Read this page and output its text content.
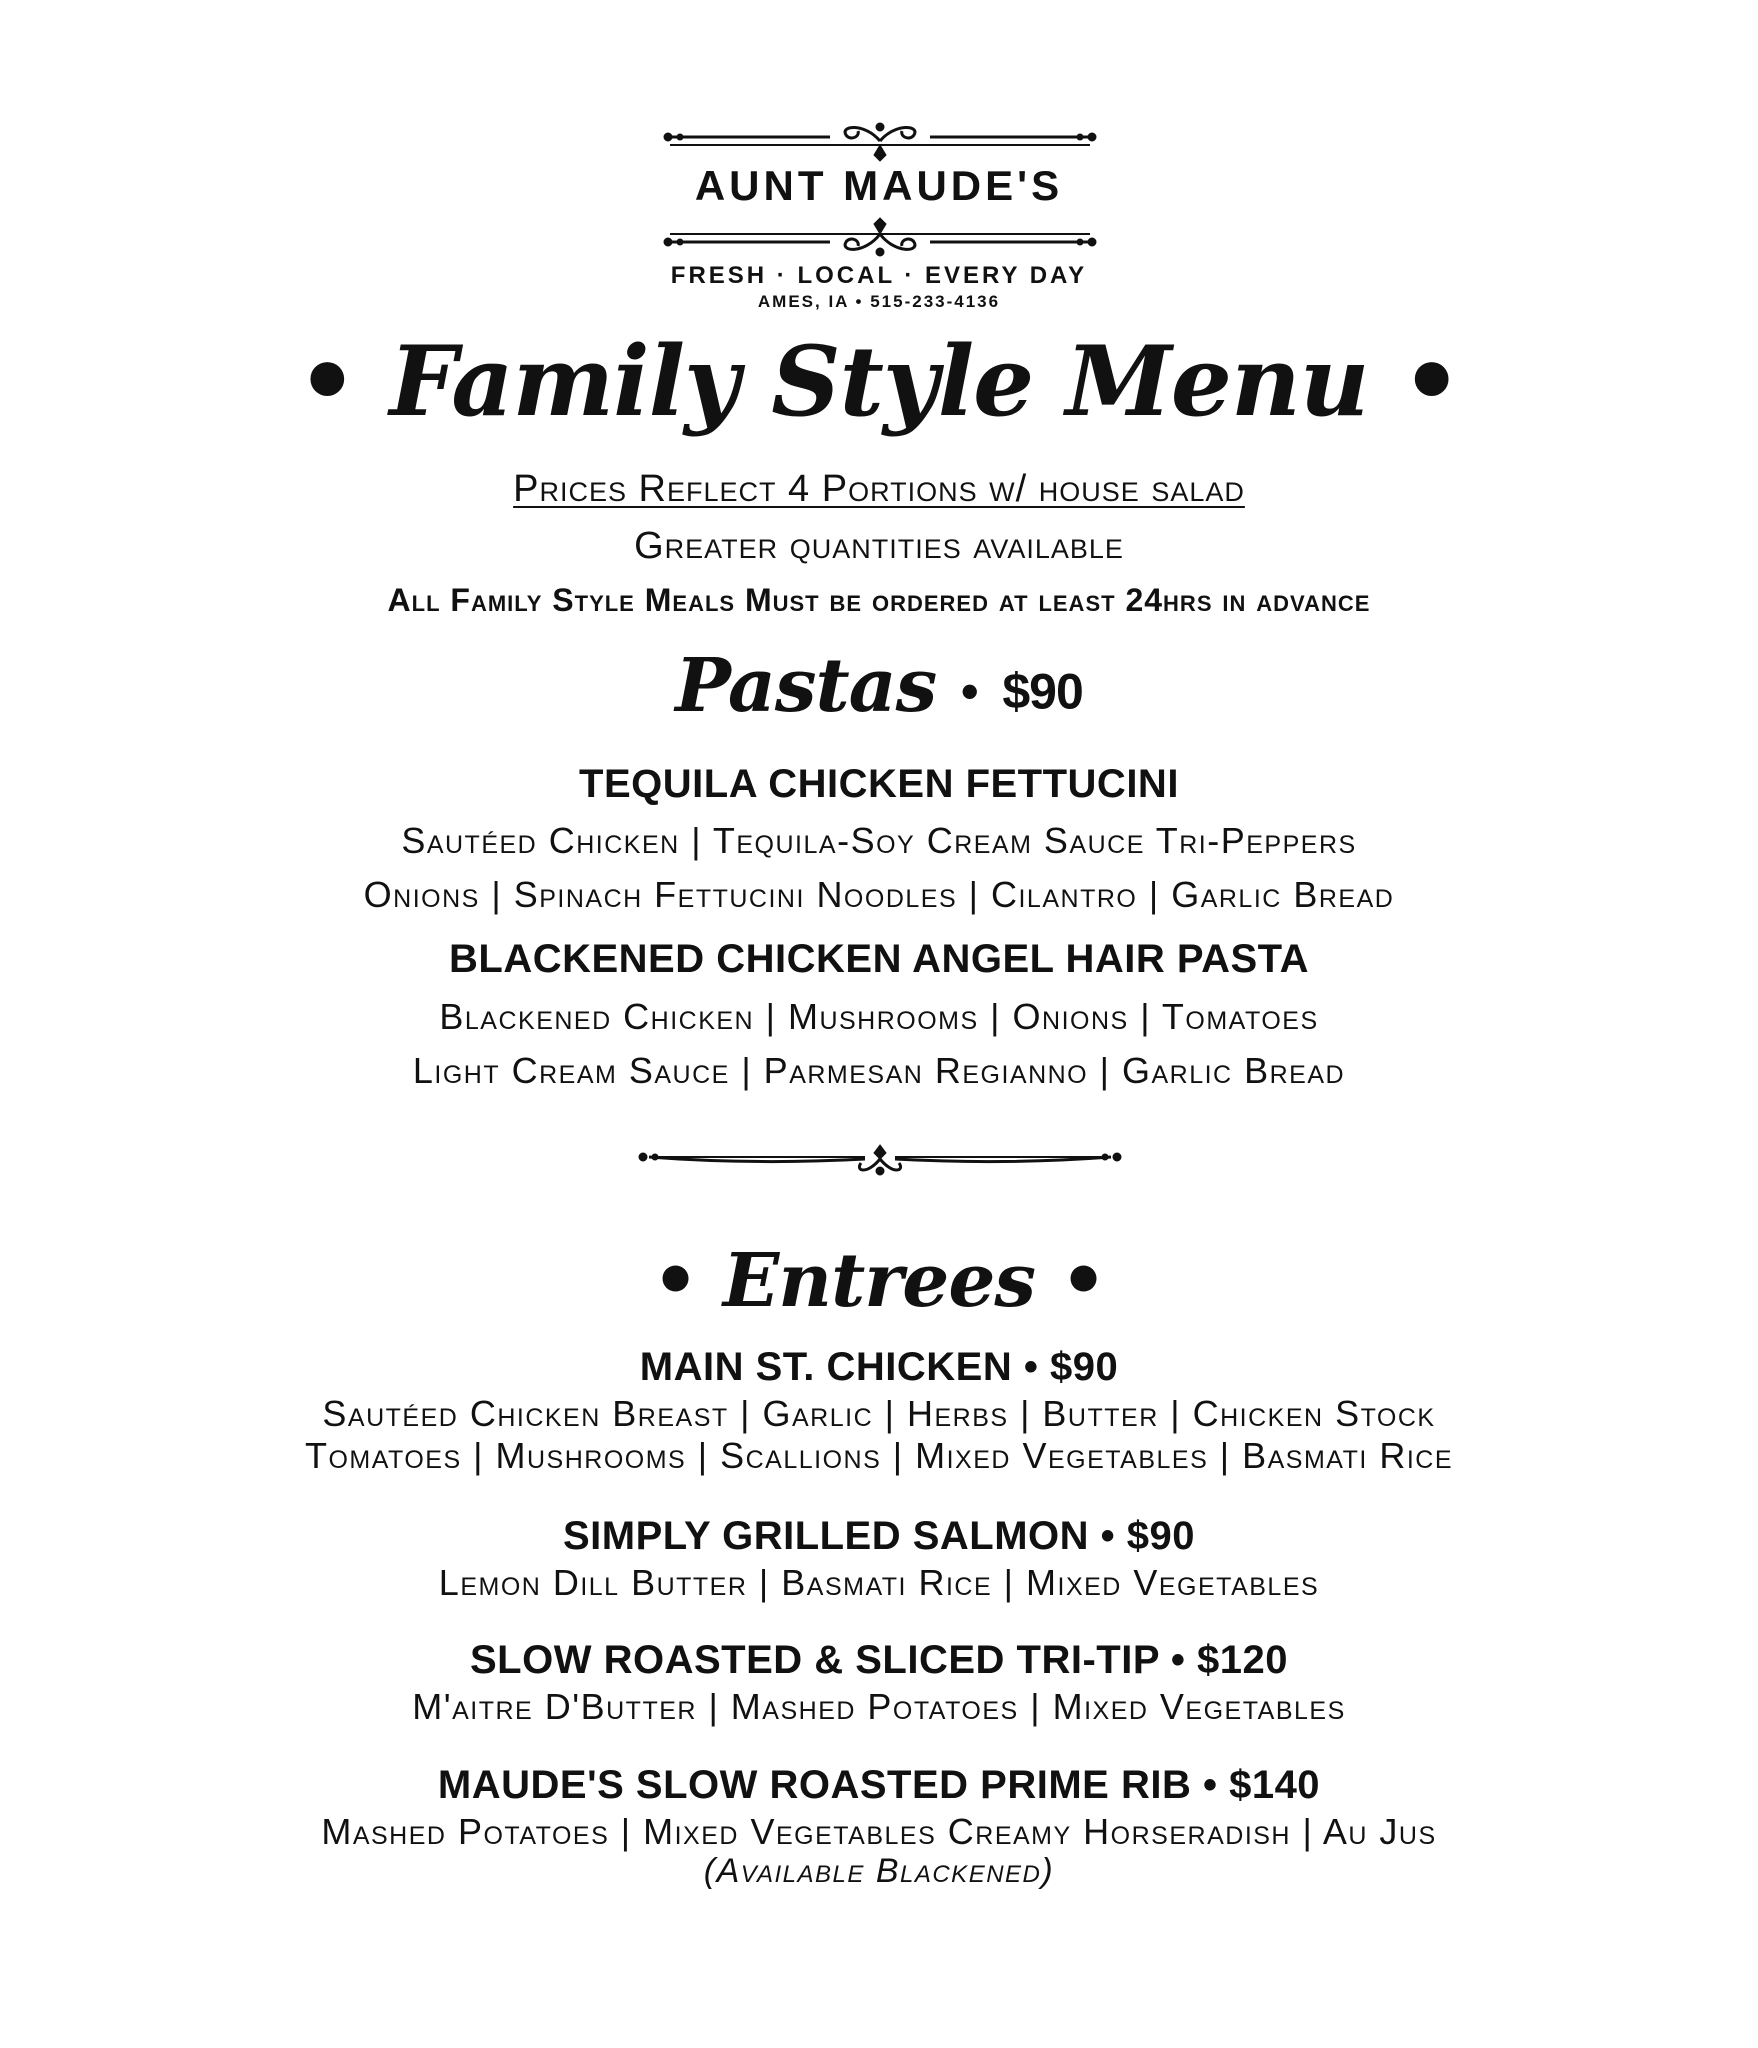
AUNT MAUDE'S
FRESH · LOCAL · EVERY DAY
AMES, IA • 515-233-4136
• Family Style Menu •
Prices Reflect 4 Portions w/ house salad
Greater quantities available
All Family Style Meals Must be ordered at least 24hrs in advance
Pastas • $90
TEQUILA CHICKEN FETTUCINI
Sautéed Chicken | Tequila-Soy Cream Sauce Tri-Peppers
Onions | Spinach Fettucini Noodles | Cilantro | Garlic Bread
BLACKENED CHICKEN ANGEL HAIR PASTA
Blackened Chicken | Mushrooms | Onions | Tomatoes
Light Cream Sauce | Parmesan Regianno | Garlic Bread
• Entrees •
MAIN ST. CHICKEN • $90
Sautéed Chicken Breast | Garlic | Herbs | Butter | Chicken Stock
Tomatoes | Mushrooms | Scallions | Mixed Vegetables | Basmati Rice
SIMPLY GRILLED SALMON • $90
Lemon Dill Butter | Basmati Rice | Mixed Vegetables
SLOW ROASTED & SLICED TRI-TIP • $120
M'aitre D'Butter | Mashed Potatoes | Mixed Vegetables
MAUDE'S SLOW ROASTED PRIME RIB • $140
Mashed Potatoes | Mixed Vegetables Creamy Horseradish | Au Jus
(Available Blackened)
